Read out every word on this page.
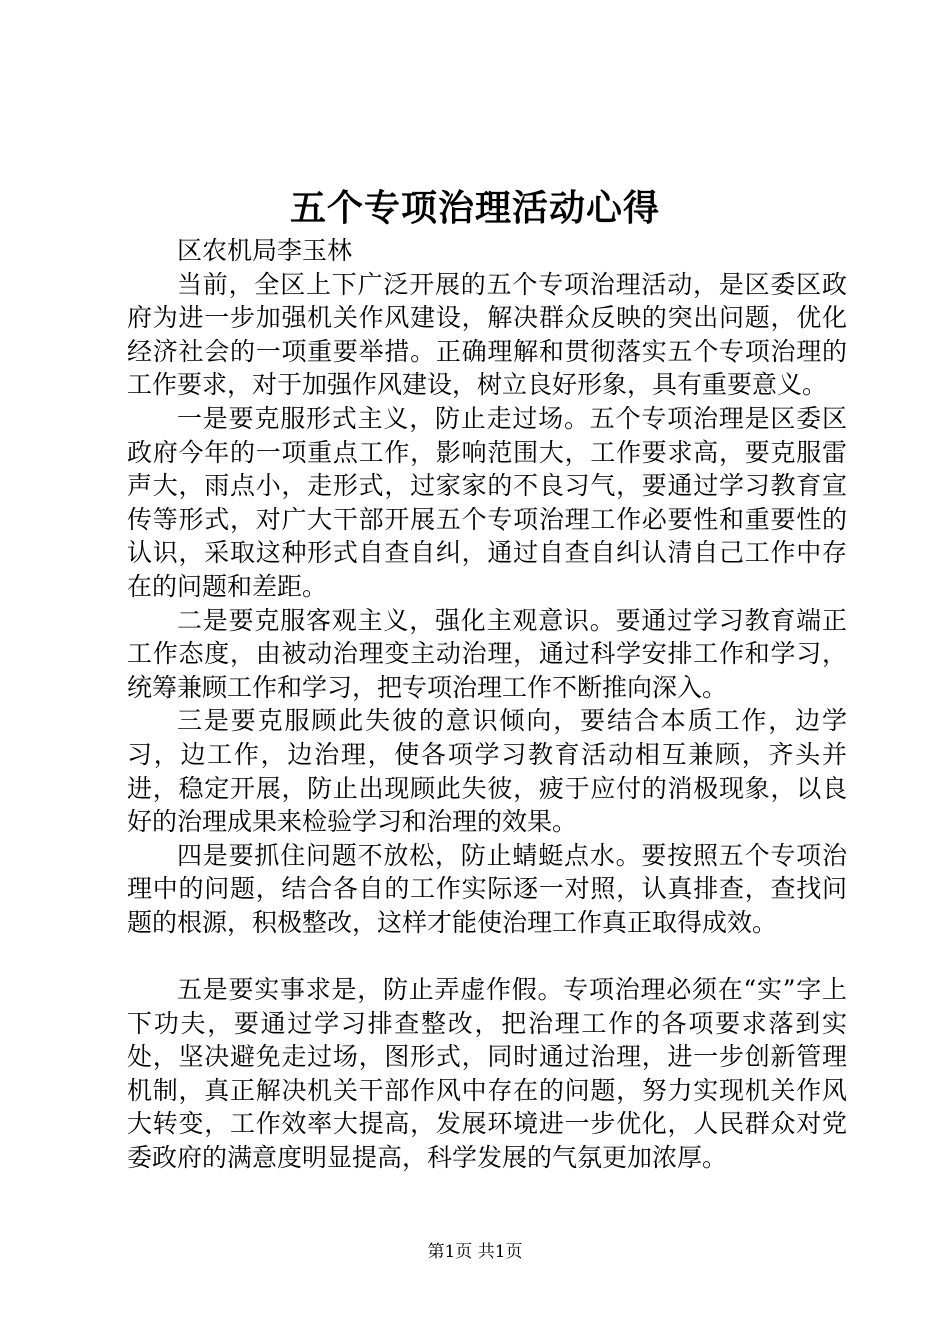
五个专项治理活动心得

区农机局李玉林

当前，全区上下广泛开展的五个专项治理活动，是区委区政府为进一步加强机关作风建设，解决群众反映的突出问题，优化经济社会的一项重要举措。正确理解和贯彻落实五个专项治理的工作要求，对于加强作风建设，树立良好形象，具有重要意义。

一是要克服形式主义，防止走过场。五个专项治理是区委区政府今年的一项重点工作，影响范围大，工作要求高，要克服雷声大，雨点小，走形式，过家家的不良习气，要通过学习教育宣传等形式，对广大干部开展五个专项治理工作必要性和重要性的认识，采取这种形式自查自纠，通过自查自纠认清自己工作中存在的问题和差距。

二是要克服客观主义，强化主观意识。要通过学习教育端正工作态度，由被动治理变主动治理，通过科学安排工作和学习，统筹兼顾工作和学习，把专项治理工作不断推向深入。

三是要克服顾此失彼的意识倾向，要结合本质工作，边学习，边工作，边治理，使各项学习教育活动相互兼顾，齐头并进，稳定开展，防止出现顾此失彼，疲于应付的消极现象，以良好的治理成果来检验学习和治理的效果。

四是要抓住问题不放松，防止蜻蜓点水。要按照五个专项治理中的问题，结合各自的工作实际逐一对照，认真排查，查找问题的根源，积极整改，这样才能使治理工作真正取得成效。

五是要实事求是，防止弄虚作假。专项治理必须在“实”字上下功夫，要通过学习排查整改，把治理工作的各项要求落到实处，坚决避免走过场，图形式，同时通过治理，进一步创新管理机制，真正解决机关干部作风中存在的问题，努力实现机关作风大转变，工作效率大提高，发展环境进一步优化，人民群众对党委政府的满意度明显提高，科学发展的气氛更加浓厚。

第1页 共1页
